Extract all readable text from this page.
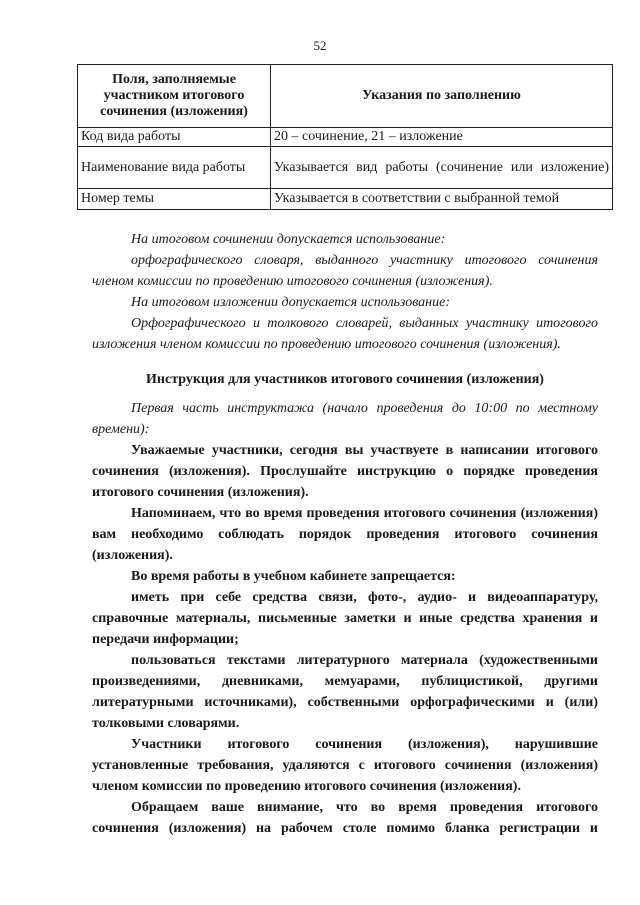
52
Поля, заполняемые участником итогового сочинения (изложения)	Указания по заполнению
Код вида работы	20 – сочинение, 21 – изложение
Наименование вида работы	Указывается вид работы (сочинение или изложение)
Номер темы	Указывается в соответствии с выбранной темой

На итоговом сочинении допускается использование:

орфографического словаря, выданного участнику итогового сочинения членом комиссии по проведению итогового сочинения (изложения).

На итоговом изложении допускается использование:

Орфографического и толкового словарей, выданных участнику итогового изложения членом комиссии по проведению итогового сочинения (изложения).

Инструкция для участников итогового сочинения (изложения)

Первая часть инструктажа (начало проведения до 10:00 по местному времени):

Уважаемые участники, сегодня вы участвуете в написании итогового сочинения (изложения). Прослушайте инструкцию о порядке проведения итогового сочинения (изложения).

Напоминаем, что во время проведения итогового сочинения (изложения) вам необходимо соблюдать порядок проведения итогового сочинения (изложения).

Во время работы в учебном кабинете запрещается:

иметь при себе средства связи, фото-, аудио- и видеоаппаратуру, справочные материалы, письменные заметки и иные средства хранения и передачи информации;

пользоваться текстами литературного материала (художественными произведениями, дневниками, мемуарами, публицистикой, другими литературными источниками), собственными орфографическими и (или) толковыми словарями.

Участники итогового сочинения (изложения), нарушившие установленные требования, удаляются с итогового сочинения (изложения) членом комиссии по проведению итогового сочинения (изложения).

Обращаем ваше внимание, что во время проведения итогового сочинения (изложения) на рабочем столе помимо бланка регистрации и
